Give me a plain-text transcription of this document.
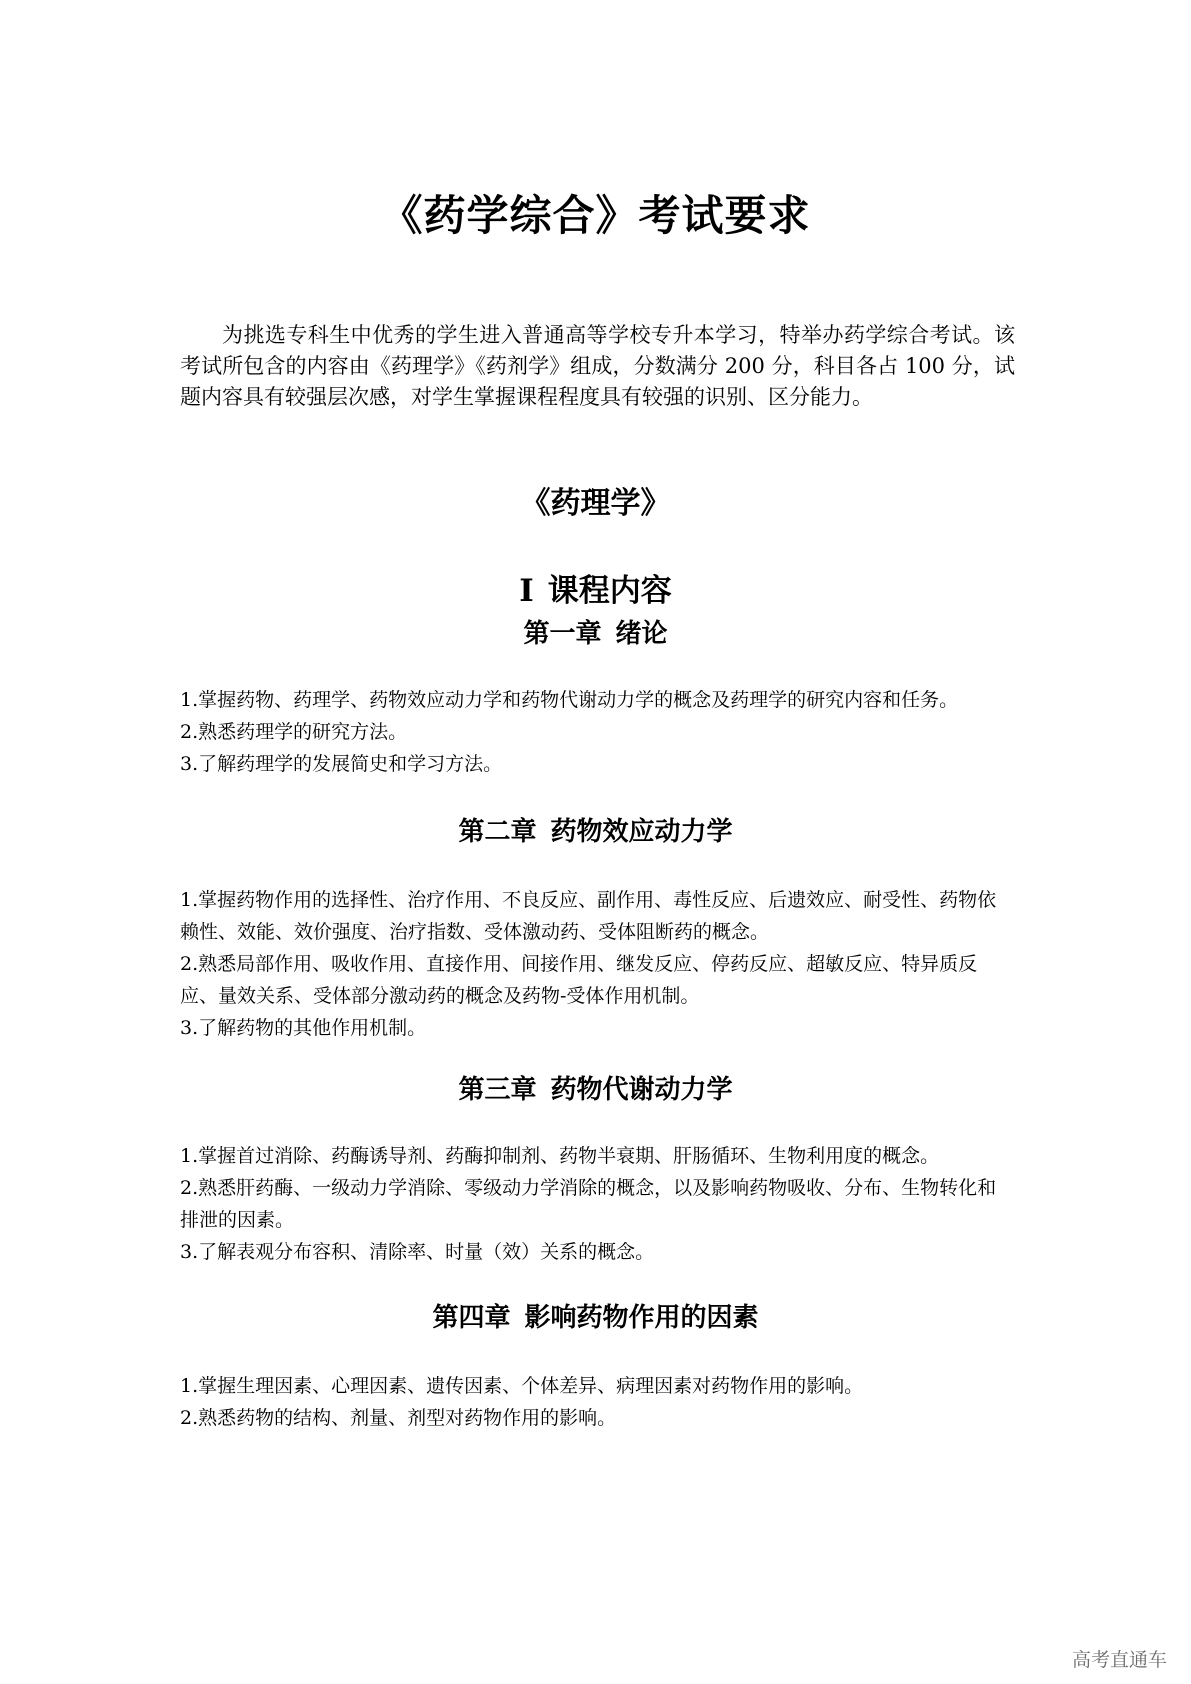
《药学综合》考试要求

为挑选专科生中优秀的学生进入普通高等学校专升本学习，特举办药学综合考试。该考试所包含的内容由《药理学》《药剂学》组成，分数满分 200 分，科目各占 100 分，试题内容具有较强层次感，对学生掌握课程程度具有较强的识别、区分能力。

《药理学》
I 课程内容
第一章 绪论
1.掌握药物、药理学、药物效应动力学和药物代谢动力学的概念及药理学的研究内容和任务。
2.熟悉药理学的研究方法。
3.了解药理学的发展简史和学习方法。
第二章 药物效应动力学
1.掌握药物作用的选择性、治疗作用、不良反应、副作用、毒性反应、后遗效应、耐受性、药物依赖性、效能、效价强度、治疗指数、受体激动药、受体阻断药的概念。
2.熟悉局部作用、吸收作用、直接作用、间接作用、继发反应、停药反应、超敏反应、特异质反应、量效关系、受体部分激动药的概念及药物-受体作用机制。
3.了解药物的其他作用机制。
第三章 药物代谢动力学
1.掌握首过消除、药酶诱导剂、药酶抑制剂、药物半衰期、肝肠循环、生物利用度的概念。
2.熟悉肝药酶、一级动力学消除、零级动力学消除的概念，以及影响药物吸收、分布、生物转化和排泄的因素。
3.了解表观分布容积、清除率、时量（效）关系的概念。
第四章 影响药物作用的因素
1.掌握生理因素、心理因素、遗传因素、个体差异、病理因素对药物作用的影响。
2.熟悉药物的结构、剂量、剂型对药物作用的影响。
高考直通车
